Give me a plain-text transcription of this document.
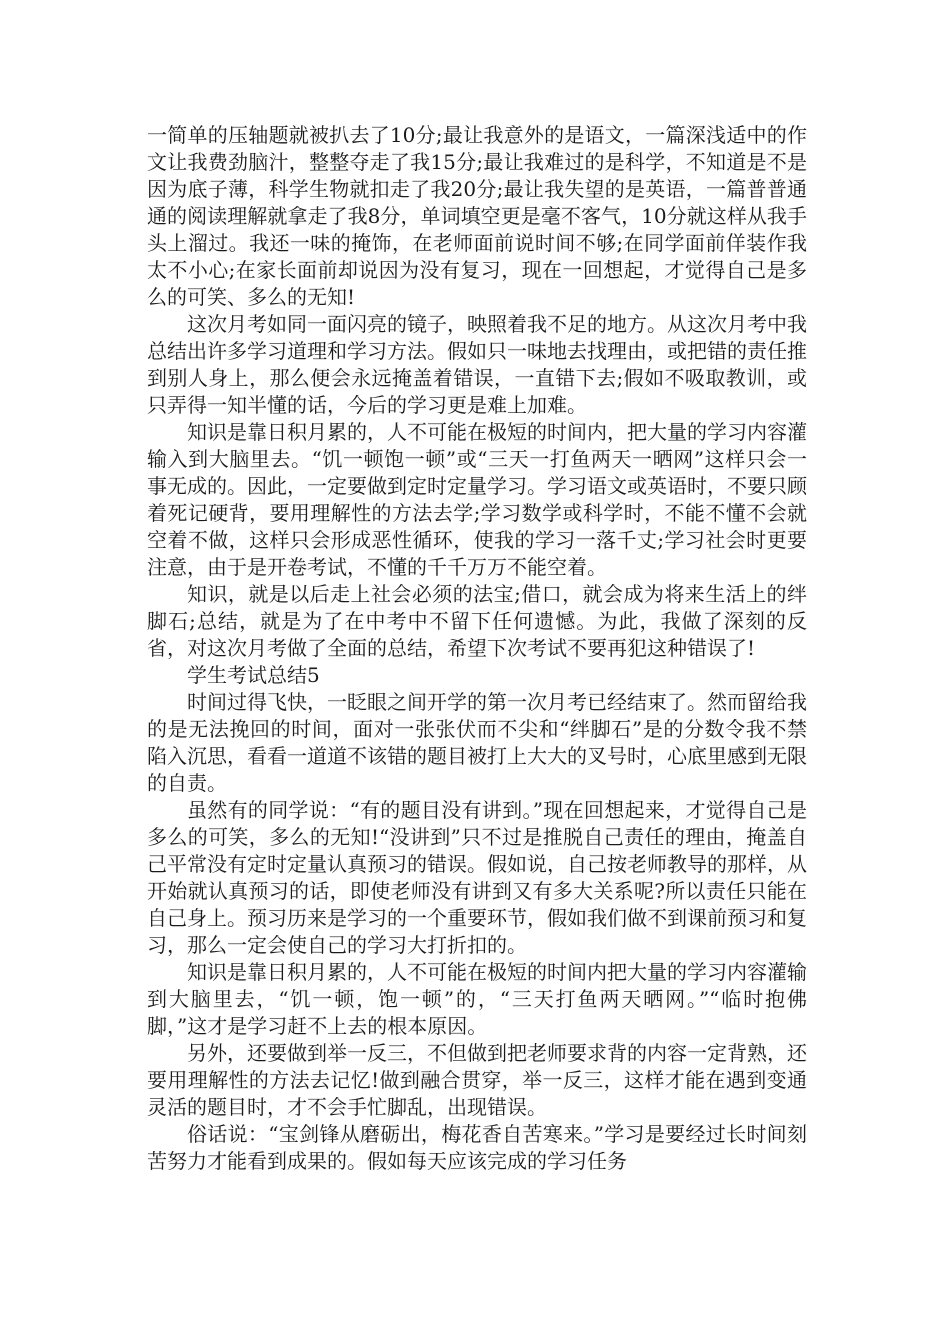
一简单的压轴题就被扒去了10分;最让我意外的是语文，一篇深浅适中的作文让我费劲脑汁，整整夺走了我15分;最让我难过的是科学，不知道是不是因为底子薄，科学生物就扣走了我20分;最让我失望的是英语，一篇普普通通的阅读理解就拿走了我8分，单词填空更是毫不客气，10分就这样从我手头上溜过。我还一味的掩饰，在老师面前说时间不够;在同学面前佯装作我太不小心;在家长面前却说因为没有复习，现在一回想起，才觉得自己是多么的可笑、多么的无知!

这次月考如同一面闪亮的镜子，映照着我不足的地方。从这次月考中我总结出许多学习道理和学习方法。假如只一味地去找理由，或把错的责任推到别人身上，那么便会永远掩盖着错误，一直错下去;假如不吸取教训，或只弄得一知半懂的话，今后的学习更是难上加难。

知识是靠日积月累的，人不可能在极短的时间内，把大量的学习内容灌输入到大脑里去。“饥一顿饱一顿”或“三天一打鱼两天一晒网”这样只会一事无成的。因此，一定要做到定时定量学习。学习语文或英语时，不要只顾着死记硬背，要用理解性的方法去学;学习数学或科学时，不能不懂不会就空着不做，这样只会形成恶性循环，使我的学习一落千丈;学习社会时更要注意，由于是开卷考试，不懂的千千万万不能空着。

知识，就是以后走上社会必须的法宝;借口，就会成为将来生活上的绊脚石;总结，就是为了在中考中不留下任何遗憾。为此，我做了深刻的反省，对这次月考做了全面的总结，希望下次考试不要再犯这种错误了!

学生考试总结5

时间过得飞快，一眨眼之间开学的第一次月考已经结束了。然而留给我的是无法挽回的时间，面对一张张伏而不尖和“绊脚石”是的分数令我不禁陷入沉思，看看一道道不该错的题目被打上大大的叉号时，心底里感到无限的自责。

虽然有的同学说：“有的题目没有讲到。”现在回想起来，才觉得自己是多么的可笑，多么的无知!“没讲到”只不过是推脱自己责任的理由，掩盖自己平常没有定时定量认真预习的错误。假如说，自己按老师教导的那样，从开始就认真预习的话，即使老师没有讲到又有多大关系呢?所以责任只能在自己身上。预习历来是学习的一个重要环节，假如我们做不到课前预习和复习，那么一定会使自己的学习大打折扣的。

知识是靠日积月累的，人不可能在极短的时间内把大量的学习内容灌输到大脑里去，“饥一顿，饱一顿”的，“三天打鱼两天晒网。”“临时抱佛脚，”这才是学习赶不上去的根本原因。

另外，还要做到举一反三，不但做到把老师要求背的内容一定背熟，还要用理解性的方法去记忆!做到融合贯穿，举一反三，这样才能在遇到变通灵活的题目时，才不会手忙脚乱，出现错误。

俗话说：“宝剑锋从磨砺出，梅花香自苦寒来。”学习是要经过长时间刻苦努力才能看到成果的。假如每天应该完成的学习任务
